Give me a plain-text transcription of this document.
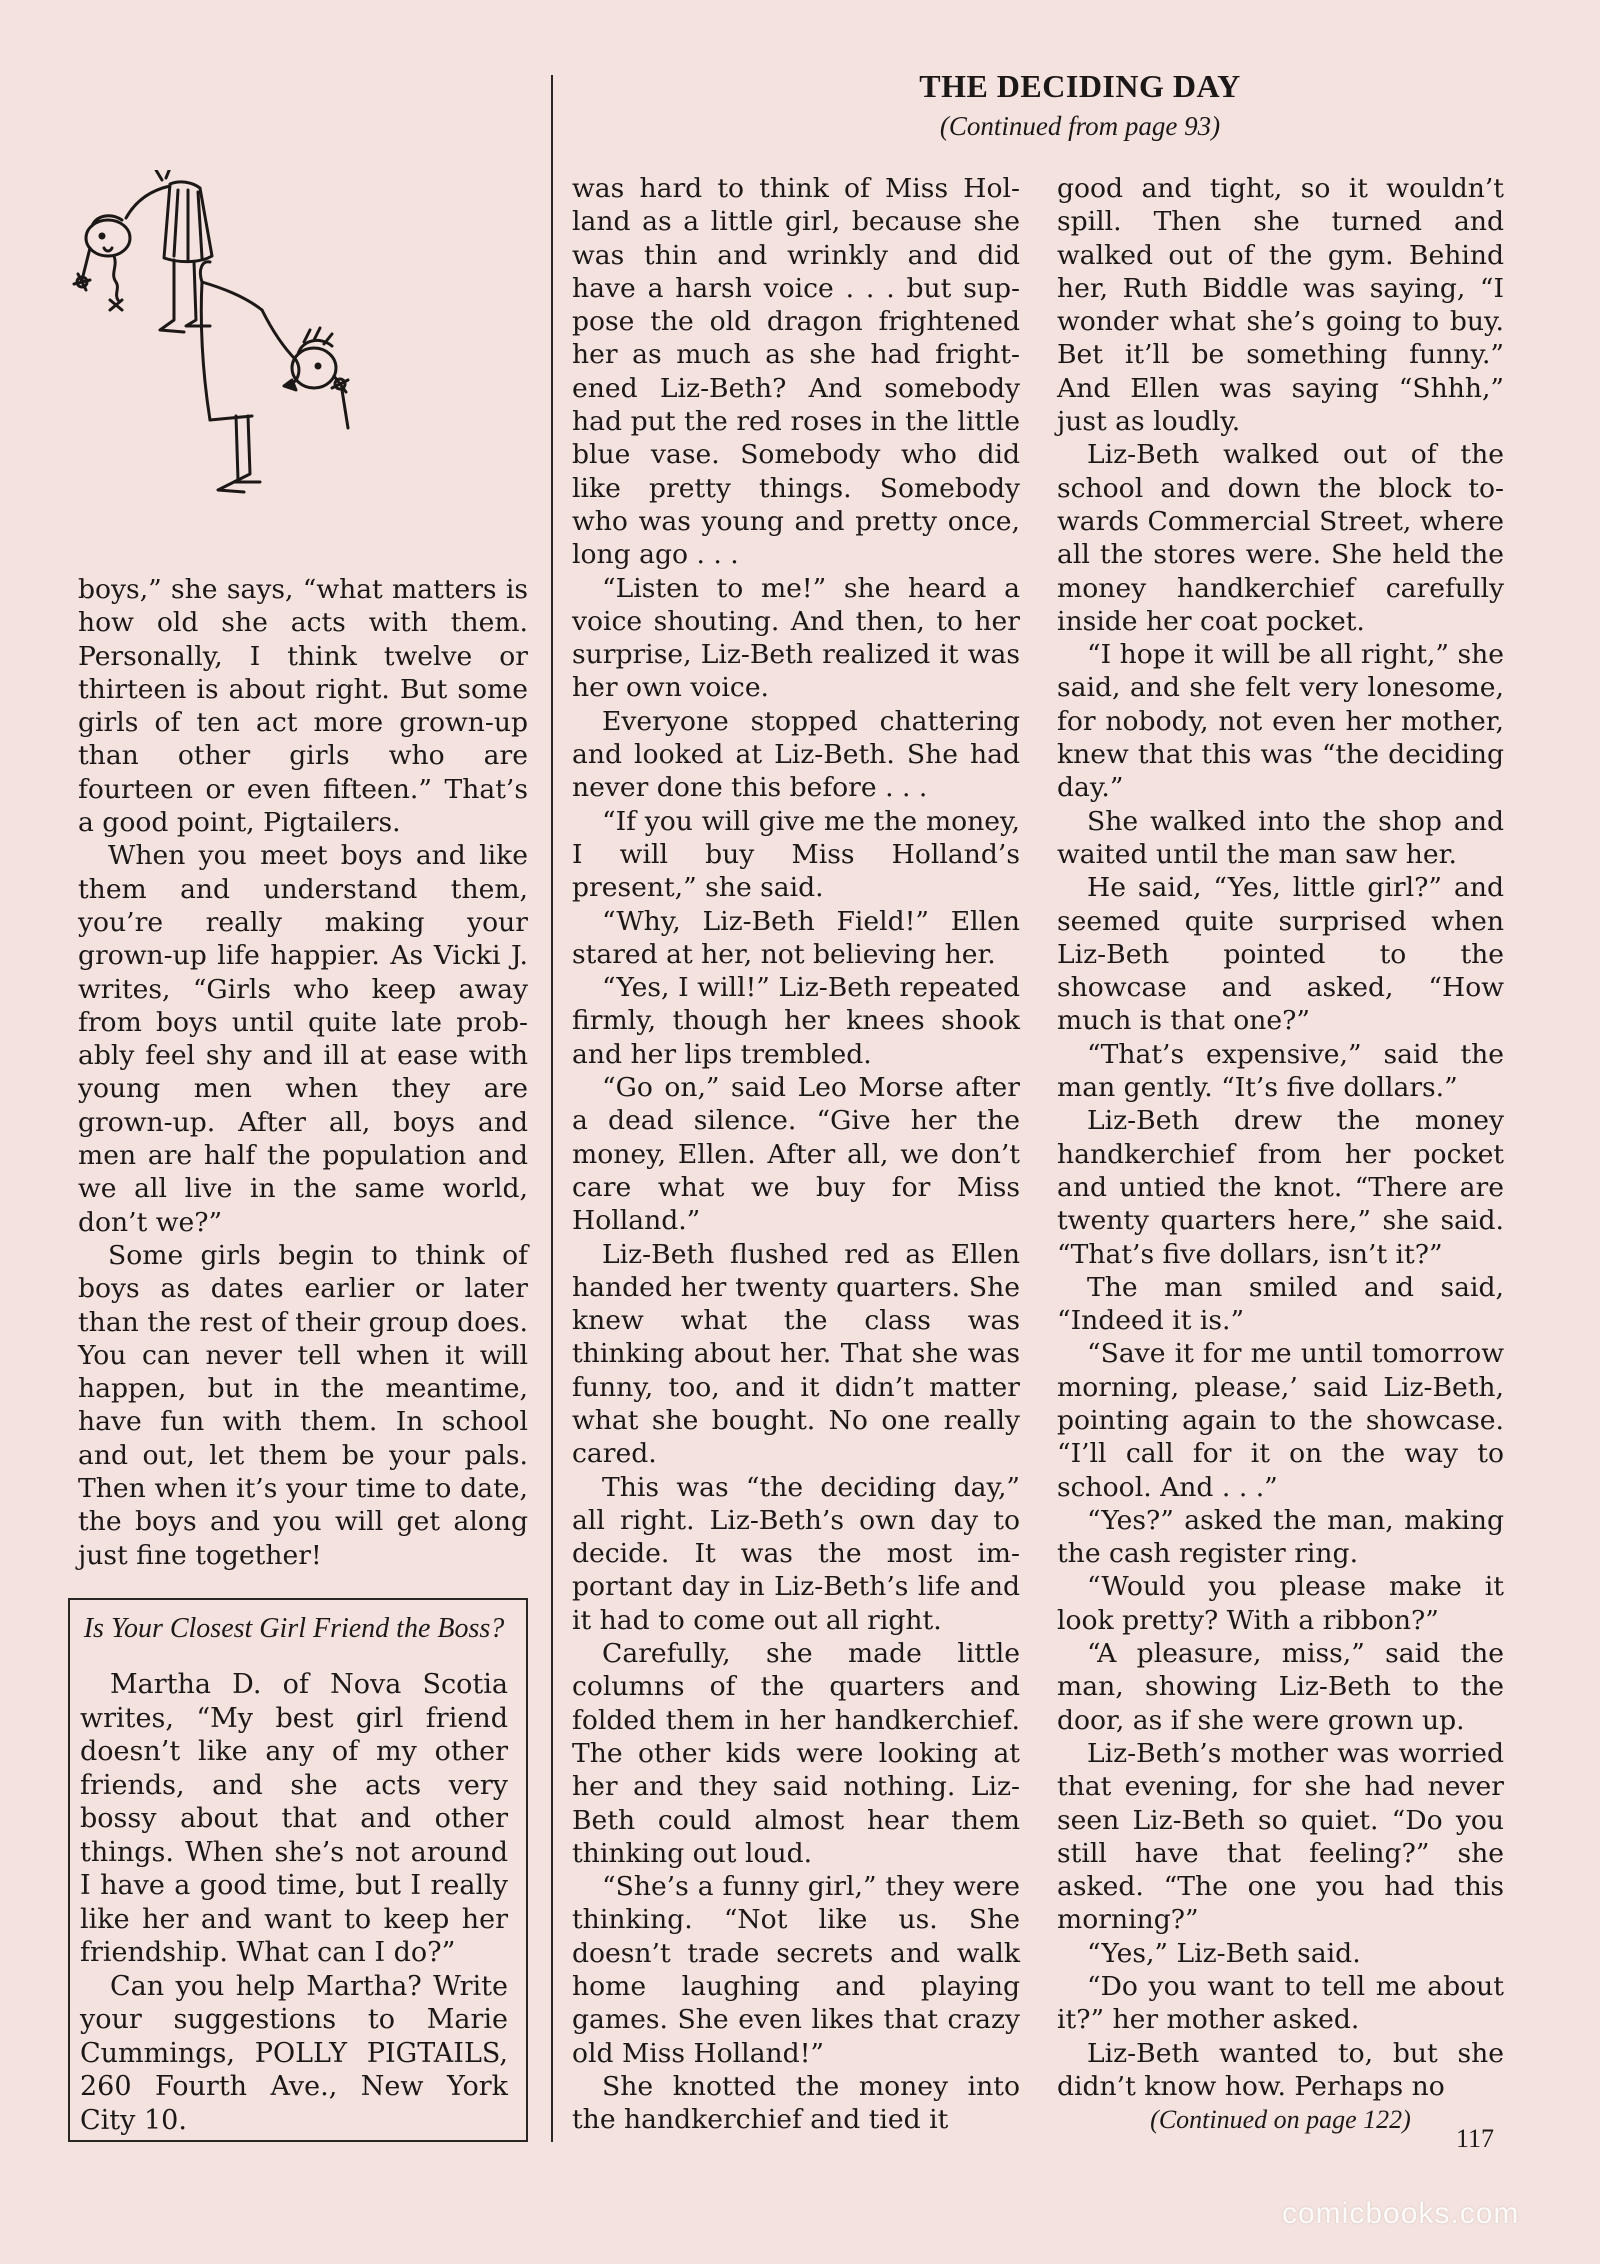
boys,” she says, “what matters is how old she acts with them. Personally, I think twelve or thirteen is about right. But some girls of ten act more grown-up than other girls who are fourteen or even fifteen.” That’s a good point, Pigtailers.

When you meet boys and like them and understand them, you’re really making your grown-up life happier. As Vicki J. writes, “Girls who keep away from boys until quite late probably feel shy and ill at ease with young men when they are grown-up. After all, boys and men are half the population and we all live in the same world, don’t we?”

Some girls begin to think of boys as dates earlier or later than the rest of their group does. You can never tell when it will happen, but in the meantime, have fun with them. In school and out, let them be your pals. Then when it’s your time to date, the boys and you will get along just fine together!

Is Your Closest Girl Friend the Boss?

Martha D. of Nova Scotia writes, “My best girl friend doesn’t like any of my other friends, and she acts very bossy about that and other things. When she’s not around I have a good time, but I really like her and want to keep her friendship. What can I do?”

Can you help Martha? Write your suggestions to Marie Cummings, POLLY PIGTAILS, 260 Fourth Ave., New York City 10.

THE DECIDING DAY
(Continued from page 93)

was hard to think of Miss Holland as a little girl, because she was thin and wrinkly and did have a harsh voice . . . but suppose the old dragon frightened her as much as she had frightened Liz-Beth? And somebody had put the red roses in the little blue vase. Somebody who did like pretty things. Somebody who was young and pretty once, long ago . . .

“Listen to me!” she heard a voice shouting. And then, to her surprise, Liz-Beth realized it was her own voice.

Everyone stopped chattering and looked at Liz-Beth. She had never done this before . . .

“If you will give me the money, I will buy Miss Holland’s present,” she said.

“Why, Liz-Beth Field!” Ellen stared at her, not believing her.

“Yes, I will!” Liz-Beth repeated firmly, though her knees shook and her lips trembled.

“Go on,” said Leo Morse after a dead silence. “Give her the money, Ellen. After all, we don’t care what we buy for Miss Holland.”

Liz-Beth flushed red as Ellen handed her twenty quarters. She knew what the class was thinking about her. That she was funny, too, and it didn’t matter what she bought. No one really cared.

This was “the deciding day,” all right. Liz-Beth’s own day to decide. It was the most important day in Liz-Beth’s life and it had to come out all right.

Carefully, she made little columns of the quarters and folded them in her handkerchief. The other kids were looking at her and they said nothing. Liz-Beth could almost hear them thinking out loud.

“She’s a funny girl,” they were thinking. “Not like us. She doesn’t trade secrets and walk home laughing and playing games. She even likes that crazy old Miss Holland!”

She knotted the money into the handkerchief and tied it

good and tight, so it wouldn’t spill. Then she turned and walked out of the gym. Behind her, Ruth Biddle was saying, “I wonder what she’s going to buy. Bet it’ll be something funny.” And Ellen was saying “Shhh,” just as loudly.

Liz-Beth walked out of the school and down the block towards Commercial Street, where all the stores were. She held the money handkerchief carefully inside her coat pocket.

“I hope it will be all right,” she said, and she felt very lonesome, for nobody, not even her mother, knew that this was “the deciding day.”

She walked into the shop and waited until the man saw her.

He said, “Yes, little girl?” and seemed quite surprised when Liz-Beth pointed to the showcase and asked, “How much is that one?”

“That’s expensive,” said the man gently. “It’s five dollars.”

Liz-Beth drew the money handkerchief from her pocket and untied the knot. “There are twenty quarters here,” she said. “That’s five dollars, isn’t it?”

The man smiled and said, “Indeed it is.”

“Save it for me until tomorrow morning, please,’ said Liz-Beth, pointing again to the showcase. “I’ll call for it on the way to school. And . . .”

“Yes?” asked the man, making the cash register ring.

“Would you please make it look pretty? With a ribbon?”

“A pleasure, miss,” said the man, showing Liz-Beth to the door, as if she were grown up.

Liz-Beth’s mother was worried that evening, for she had never seen Liz-Beth so quiet. “Do you still have that feeling?” she asked. “The one you had this morning?”

“Yes,” Liz-Beth said.

“Do you want to tell me about it?” her mother asked.

Liz-Beth wanted to, but she didn’t know how. Perhaps no

(Continued on page 122)
117
comicbooks.com
